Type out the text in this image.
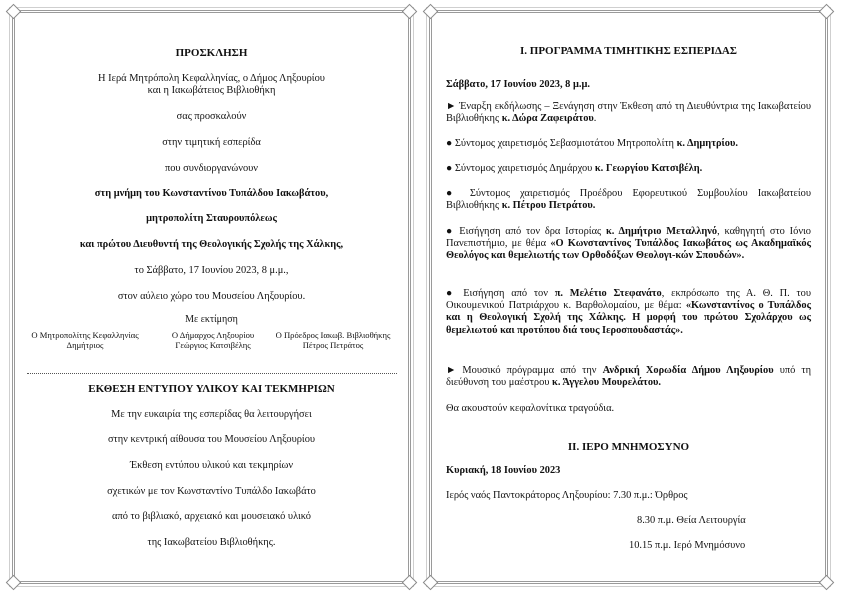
ΠΡΟΣΚΛΗΣΗ
Η Ιερά Μητρόπολη Κεφαλληνίας, ο Δήμος Ληξουρίου
και η Ιακωβάτειος Βιβλιοθήκη
σας προσκαλούν
στην τιμητική εσπερίδα
που συνδιοργανώνουν
στη μνήμη του Κωνσταντίνου Τυπάλδου Ιακωβάτου,
μητροπολίτη Σταυρουπόλεως
και πρώτου Διευθυντή της Θεολογικής Σχολής της Χάλκης,
το Σάββατο, 17 Ιουνίου 2023, 8 μ.μ.,
στον αύλειο χώρο του Μουσείου Ληξουρίου.
Με εκτίμηση
Ο Μητροπολίτης Κεφαλληνίας
Δημήτριος
Ο Δήμαρχος Ληξουρίου
Γεώργιος Κατσιβέλης
Ο Πρόεδρος Ιακωβ. Βιβλιοθήκης
Πέτρος Πετράτος
ΕΚΘΕΣΗ ΕΝΤΥΠΟΥ ΥΛΙΚΟΥ ΚΑΙ ΤΕΚΜΗΡΙΩΝ
Με την ευκαιρία της εσπερίδας θα λειτουργήσει
στην κεντρική αίθουσα του Μουσείου Ληξουρίου
Έκθεση εντύπου υλικού και τεκμηρίων
σχετικών με τον Κωνσταντίνο Τυπάλδο Ιακωβάτο
από το βιβλιακό, αρχειακό και μουσειακό υλικό
της Ιακωβατείου Βιβλιοθήκης.
Ι. ΠΡΟΓΡΑΜΜΑ ΤΙΜΗΤΙΚΗΣ ΕΣΠΕΡΙΔΑΣ
Σάββατο, 17 Ιουνίου 2023, 8 μ.μ.
► Έναρξη εκδήλωσης – Ξενάγηση στην Έκθεση από τη Διευθύντρια της Ιακωβατείου Βιβλιοθήκης κ. Δώρα Ζαφειράτου.
● Σύντομος χαιρετισμός Σεβασμιοτάτου Μητροπολίτη κ. Δημητρίου.
● Σύντομος χαιρετισμός Δημάρχου κ. Γεωργίου Κατσιβέλη.
● Σύντομος χαιρετισμός Προέδρου Εφορευτικού Συμβουλίου Ιακωβατείου Βιβλιοθήκης κ. Πέτρου Πετράτου.
● Εισήγηση από τον δρα Ιστορίας κ. Δημήτριο Μεταλληνό, καθηγητή στο Ιόνιο Πανεπιστήμιο, με θέμα «Ο Κωνσταντίνος Τυπάλδος Ιακωβάτος ως Ακαδημαϊκός Θεολόγος και θεμελιωτής των Ορθοδόξων Θεολογι-κών Σπουδών».
● Εισήγηση από τον π. Μελέτιο Στεφανάτο, εκπρόσωπο της Α. Θ. Π. του Οικουμενικού Πατριάρχου κ. Βαρθολομαίου, με θέμα: «Κωνσταντίνος ο Τυπάλδος και η Θεολογική Σχολή της Χάλκης. Η μορφή του πρώτου Σχολάρχου ως θεμελιωτού και προτύπου διά τους Ιεροσπουδαστάς».
► Μουσικό πρόγραμμα από την Ανδρική Χορωδία Δήμου Ληξουρίου υπό τη διεύθυνση του μαέστρου κ. Άγγελου Μουρελάτου.
Θα ακουστούν κεφαλονίτικα τραγούδια.
ΙΙ. ΙΕΡΟ ΜΝΗΜΟΣΥΝΟ
Κυριακή, 18 Ιουνίου 2023
Ιερός ναός Παντοκράτορος Ληξουρίου: 7.30 π.μ.: Όρθρος
8.30 π.μ. Θεία Λειτουργία
10.15 π.μ. Ιερό Μνημόσυνο
